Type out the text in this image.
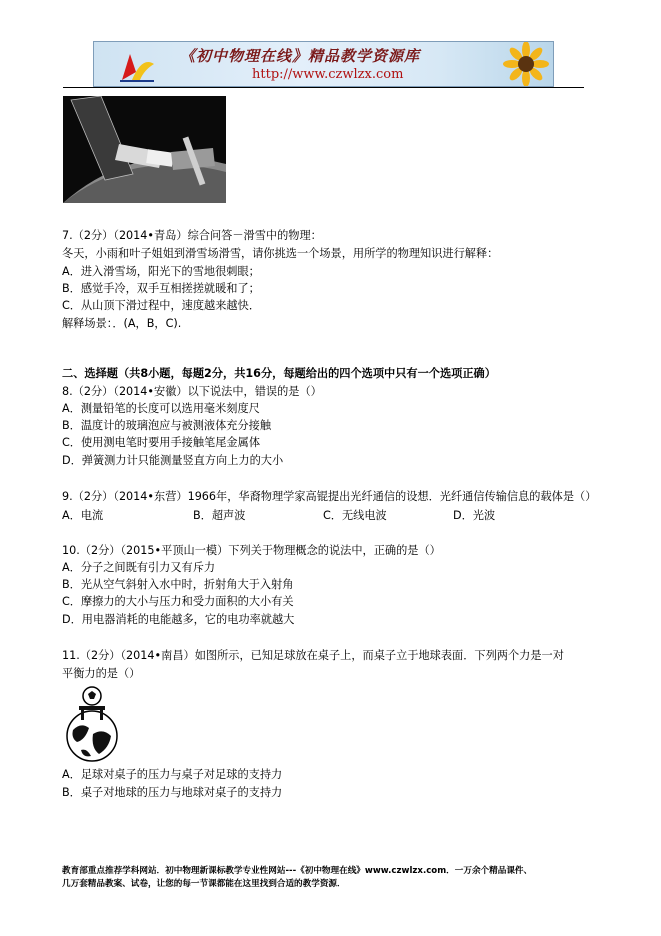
《初中物理在线》精品教学资源库
http://www.czwlzx.com
7.（2分）（2014•青岛）综合问答－滑雪中的物理：
冬天，小雨和叶子姐姐到滑雪场滑雪，请你挑选一个场景，用所学的物理知识进行解释：
A．进入滑雪场，阳光下的雪地很刺眼；
B．感觉手冷，双手互相搓搓就暖和了；
C．从山顶下滑过程中，速度越来越快．
解释场景：．(A，B，C).
二、选择题（共8小题，每题2分，共16分，每题给出的四个选项中只有一个选项正确）
8.（2分）（2014•安徽）以下说法中，错误的是（）
A．测量铅笔的长度可以选用毫米刻度尺
B．温度计的玻璃泡应与被测液体充分接触
C．使用测电笔时要用手接触笔尾金属体
D．弹簧测力计只能测量竖直方向上力的大小
9.（2分）（2014•东营）1966年，华裔物理学家高锟提出光纤通信的设想．光纤通信传输信息的载体是（）
A．电流	B．超声波	C．无线电波	D．光波
10.（2分）（2015•平顶山一模）下列关于物理概念的说法中，正确的是（）
A．分子之间既有引力又有斥力
B．光从空气斜射入水中时，折射角大于入射角
C．摩擦力的大小与压力和受力面积的大小有关
D．用电器消耗的电能越多，它的电功率就越大
11.（2分）（2014•南昌）如图所示，已知足球放在桌子上，而桌子立于地球表面．下列两个力是一对
平衡力的是（）
A．足球对桌子的压力与桌子对足球的支持力
B．桌子对地球的压力与地球对桌子的支持力
教育部重点推荐学科网站．初中物理新课标教学专业性网站---《初中物理在线》www.czwlzx.com．一万余个精品课件、
几万套精品教案、试卷，让您的每一节课都能在这里找到合适的教学资源．
